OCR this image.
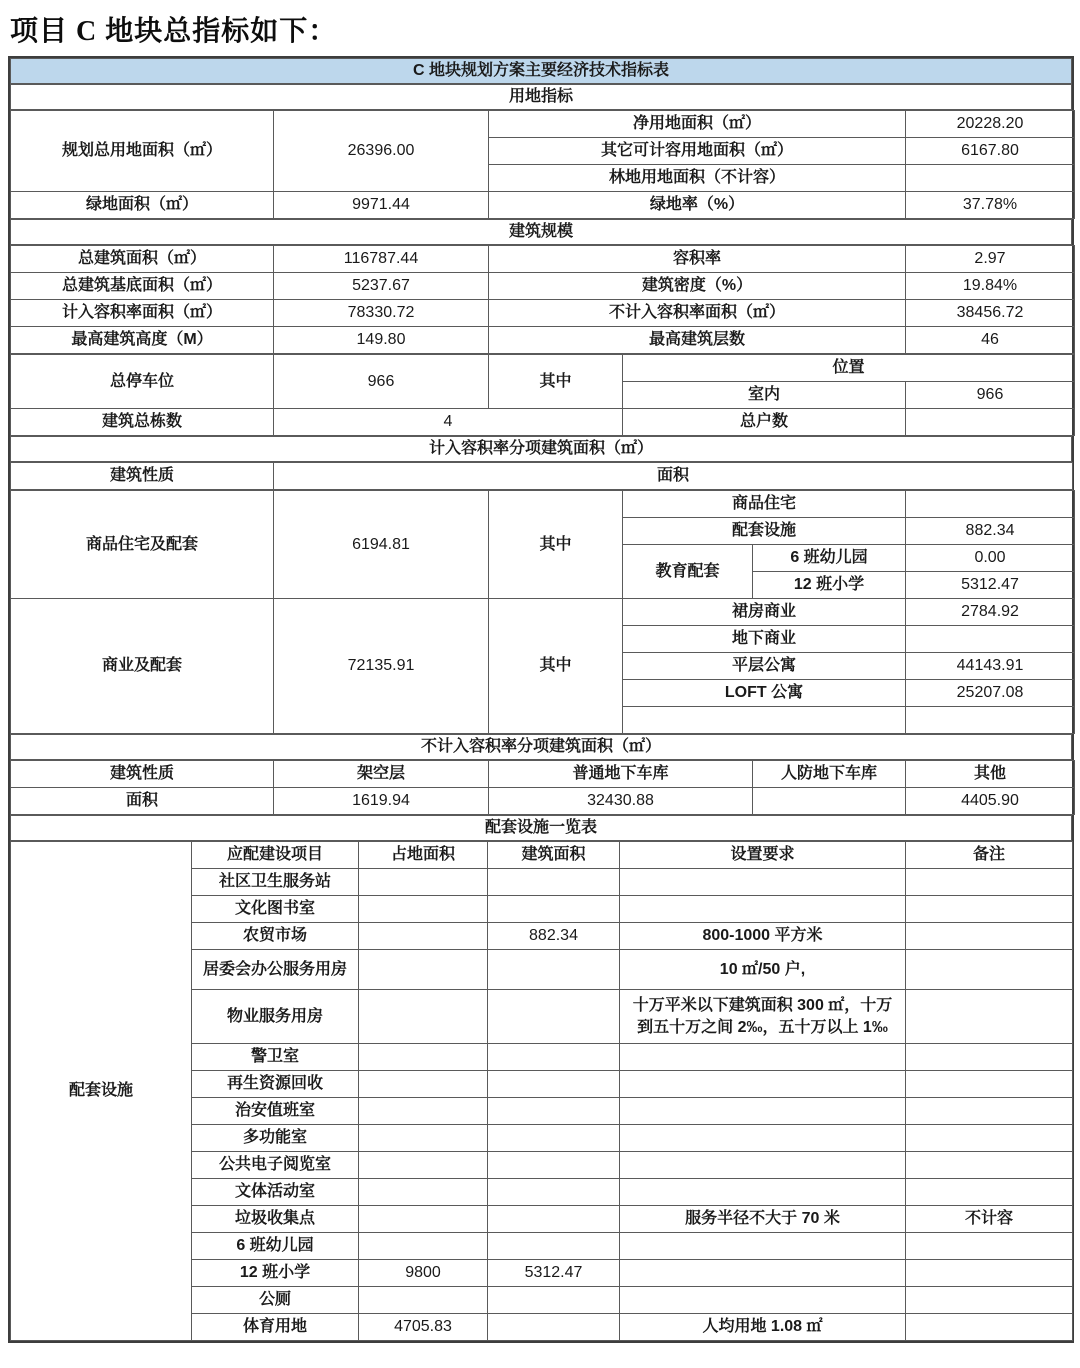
项目 C 地块总指标如下：
C 地块规划方案主要经济技术指标表
用地指标
规划总用地面积（㎡）	26396.00	净用地面积（㎡）	20228.20
		其它可计容用地面积（㎡）	6167.80
		林地用地面积（不计容）	
绿地面积（㎡）	9971.44	绿地率（%）	37.78%
建筑规模
总建筑面积（㎡）	116787.44	容积率	2.97
总建筑基底面积（㎡）	5237.67	建筑密度（%）	19.84%
计入容积率面积（㎡）	78330.72	不计入容积率面积（㎡）	38456.72
最高建筑高度（M）	149.80	最高建筑层数	46
总停车位	966	其中	位置	
			室内	966
建筑总栋数	4		总户数	
计入容积率分项建筑面积（㎡）
建筑性质	面积
商品住宅及配套	6194.81	其中	商品住宅		
			配套设施		882.34
			教育配套	6 班幼儿园	0.00
				12 班小学	5312.47
商业及配套	72135.91	其中	裙房商业		2784.92
			地下商业		
			平层公寓		44143.91
			LOFT 公寓		25207.08

不计入容积率分项建筑面积（㎡）
建筑性质	架空层	普通地下车库	人防地下车库	其他
面积	1619.94	32430.88		4405.90
配套设施一览表
配套设施	应配建设项目	占地面积	建筑面积	设置要求	备注
	社区卫生服务站				
	文化图书室				
	农贸市场		882.34	800-1000 平方米	
	居委会办公服务用房			10 ㎡/50 户,	
	物业服务用房			十万平米以下建筑面积 300 ㎡，十万到五十万之间 2‰，五十万以上 1‰	
	警卫室				
	再生资源回收				
	治安值班室				
	多功能室				
	公共电子阅览室				
	文体活动室				
	垃圾收集点			服务半径不大于 70 米	不计容
	6 班幼儿园				
	12 班小学	9800	5312.47		
	公厕				
	体育用地	4705.83		人均用地 1.08 ㎡	
